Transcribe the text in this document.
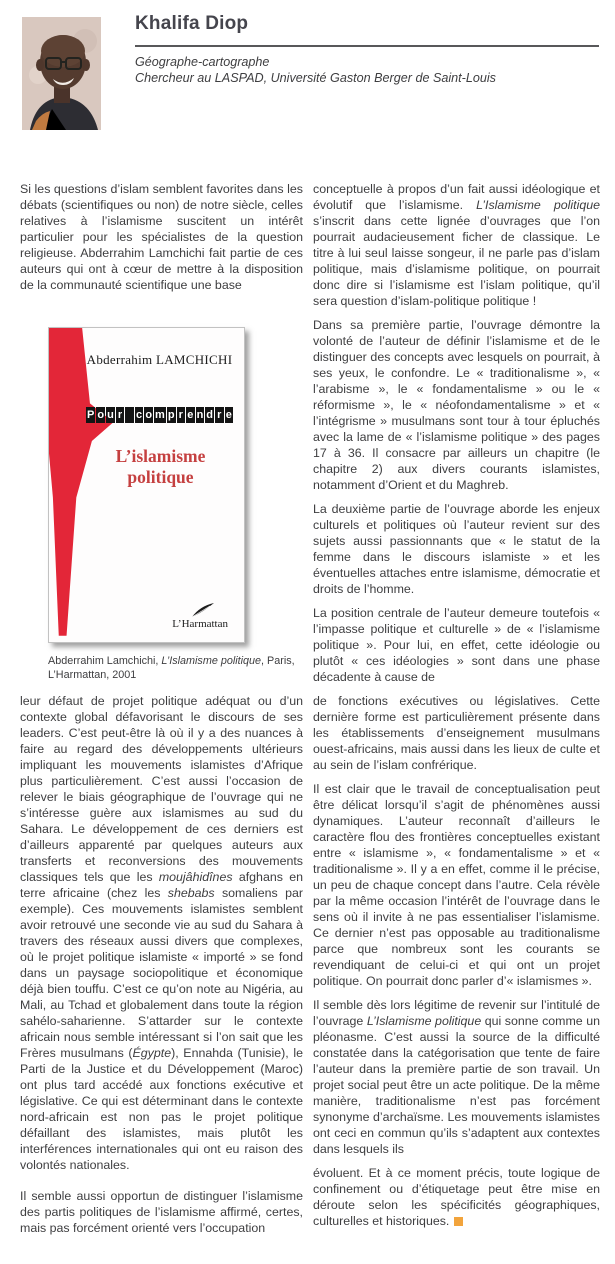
Khalifa Diop
Géographe-cartographe
Chercheur au LASPAD, Université Gaston Berger de Saint-Louis

Si les questions d’islam semblent favorites dans les débats (scientifiques ou non) de notre siècle, celles relatives à l’islamisme suscitent un intérêt particulier pour les spécialistes de la question religieuse. Abderrahim Lamchichi fait partie de ces auteurs qui ont à cœur de mettre à la disposition de la communauté scientifique une base

Abderrahim LAMCHICHI
P o u r c o m p r e n d r e
L’islamisme politique
L’Harmattan
Abderrahim Lamchichi, L’Islamisme politique, Paris, L’Harmattan, 2001

leur défaut de projet politique adéquat ou d’un contexte global défavorisant le discours de ses leaders. C’est peut-être là où il y a des nuances à faire au regard des développements ultérieurs impliquant les mouvements islamistes d’Afrique plus particulièrement. C’est aussi l’occasion de relever le biais géographique de l’ouvrage qui ne s’intéresse guère aux islamismes au sud du Sahara. Le développement de ces derniers est d’ailleurs apparenté par quelques auteurs aux transferts et reconversions des mouvements classiques tels que les moujâhidînes afghans en terre africaine (chez les shebabs somaliens par exemple). Ces mouvements islamistes semblent avoir retrouvé une seconde vie au sud du Sahara à travers des réseaux aussi divers que complexes, où le projet politique islamiste « importé » se fond dans un paysage sociopolitique et économique déjà bien touffu. C’est ce qu’on note au Nigéria, au Mali, au Tchad et globalement dans toute la région sahélo-saharienne. S’attarder sur le contexte africain nous semble intéressant si l’on sait que les Frères musulmans (Égypte), Ennahda (Tunisie), le Parti de la Justice et du Développement (Maroc) ont plus tard accédé aux fonctions exécutive et législative. Ce qui est déterminant dans le contexte nord-africain est non pas le projet politique défaillant des islamistes, mais plutôt les interférences internationales qui ont eu raison des volontés nationales.

Il semble aussi opportun de distinguer l’islamisme des partis politiques de l’islamisme affirmé, certes, mais pas forcément orienté vers l’occupation

conceptuelle à propos d’un fait aussi idéologique et évolutif que l’islamisme. L’Islamisme politique s’inscrit dans cette lignée d’ouvrages que l’on pourrait audacieusement ficher de classique. Le titre à lui seul laisse songeur, il ne parle pas d’islam politique, mais d’islamisme politique, on pourrait donc dire si l’islamisme est l’islam politique, qu’il sera question d’islam-politique politique !

Dans sa première partie, l’ouvrage démontre la volonté de l’auteur de définir l’islamisme et de le distinguer des concepts avec lesquels on pourrait, à ses yeux, le confondre. Le « traditionalisme », « l’arabisme », le « fondamentalisme » ou le « réformisme », le « néofondamentalisme » et « l’intégrisme » musulmans sont tour à tour épluchés avec la lame de « l’islamisme politique » des pages 17 à 36. Il consacre par ailleurs un chapitre (le chapitre 2) aux divers courants islamistes, notamment d’Orient et du Maghreb.

La deuxième partie de l’ouvrage aborde les enjeux culturels et politiques où l’auteur revient sur des sujets aussi passionnants que « le statut de la femme dans le discours islamiste » et les éventuelles attaches entre islamisme, démocratie et droits de l’homme.

La position centrale de l’auteur demeure toutefois « l’impasse politique et culturelle » de « l’islamisme politique ». Pour lui, en effet, cette idéologie ou plutôt « ces idéologies » sont dans une phase décadente à cause de

de fonctions exécutives ou législatives. Cette dernière forme est particulièrement présente dans les établissements d’enseignement musulmans ouest-africains, mais aussi dans les lieux de culte et au sein de l’islam confrérique.

Il est clair que le travail de conceptualisation peut être délicat lorsqu’il s’agit de phénomènes aussi dynamiques. L’auteur reconnaît d’ailleurs le caractère flou des frontières conceptuelles existant entre « islamisme », « fondamentalisme » et « traditionalisme ». Il y a en effet, comme il le précise, un peu de chaque concept dans l’autre. Cela révèle par la même occasion l’intérêt de l’ouvrage dans le sens où il invite à ne pas essentialiser l’islamisme. Ce dernier n’est pas opposable au traditionalisme parce que nombreux sont les courants se revendiquant de celui-ci et qui ont un projet politique. On pourrait donc parler d’« islamismes ».

Il semble dès lors légitime de revenir sur l’intitulé de l’ouvrage L’Islamisme politique qui sonne comme un pléonasme. C’est aussi la source de la difficulté constatée dans la catégorisation que tente de faire l’auteur dans la première partie de son travail. Un projet social peut être un acte politique. De la même manière, traditionalisme n’est pas forcément synonyme d’archaïsme. Les mouvements islamistes ont ceci en commun qu’ils s’adaptent aux contextes dans lesquels ils

évoluent. Et à ce moment précis, toute logique de confinement ou d’étiquetage peut être mise en déroute selon les spécificités géographiques, culturelles et historiques.
